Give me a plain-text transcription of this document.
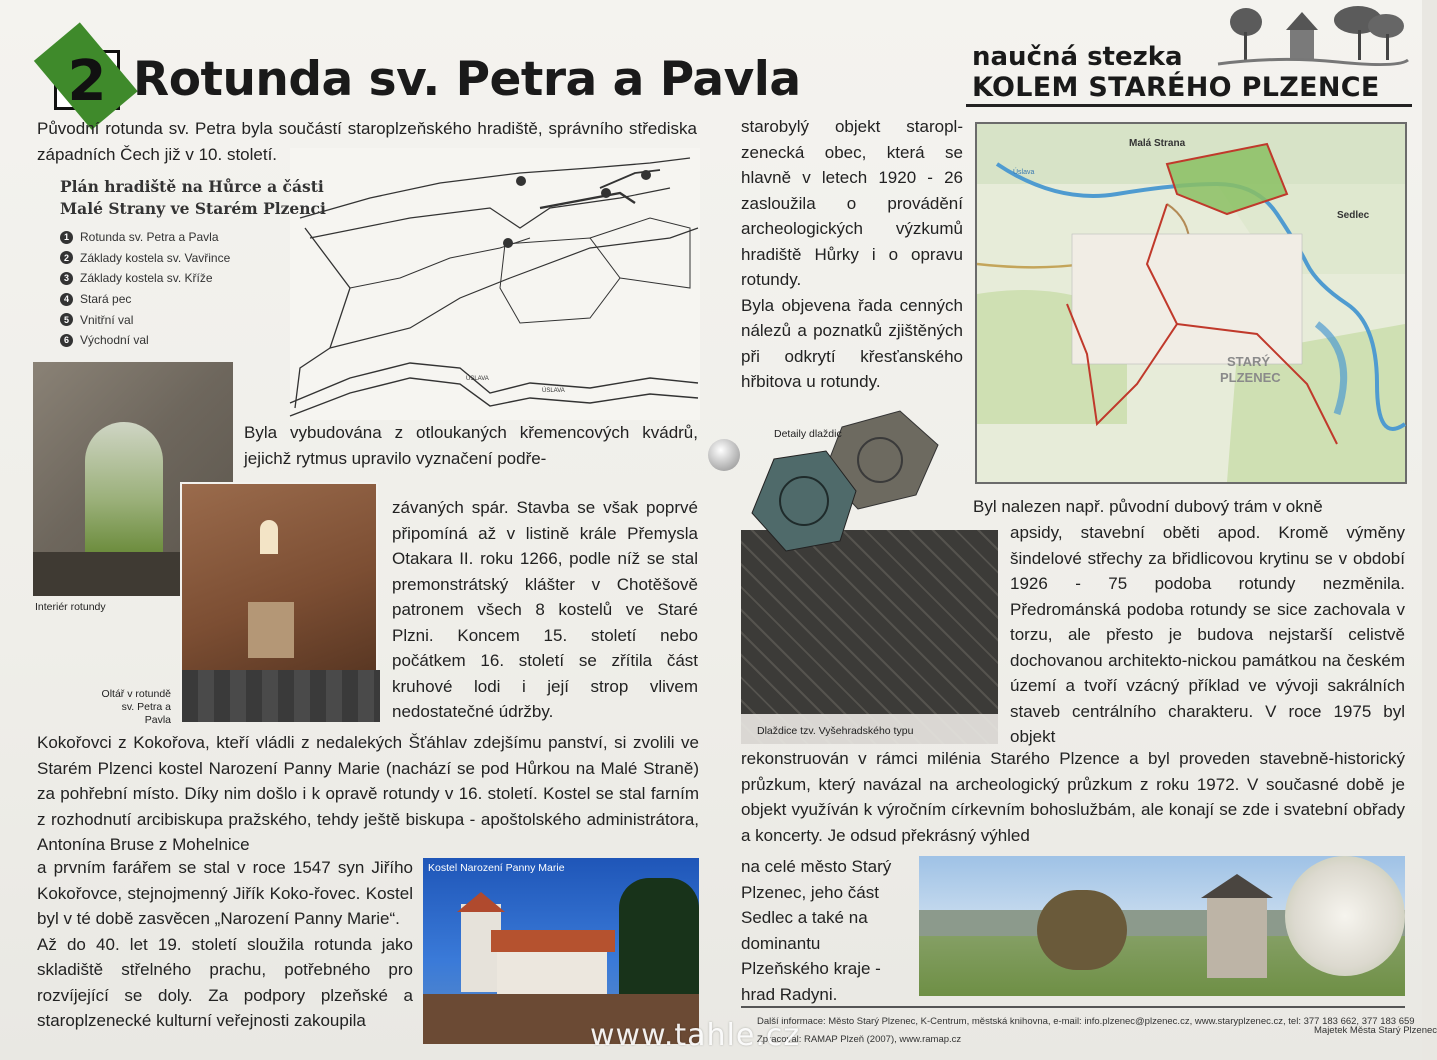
2 Rotunda sv. Petra a Pavla	naučná stezka
KOLEM STARÉHO PLZENCE
Původní rotunda sv. Petra byla součástí staroplzeňského hradiště, správního střediska západních Čech již v 10. století.
ÚSLAVA
ÚSLAVA
Plán hradiště na Hůrce a části
Malé Strany ve Starém Plzenci
1 Rotunda sv. Petra a Pavla
2 Základy kostela sv. Vavřince
3 Základy kostela sv. Kříže
4 Stará pec
5 Vnitřní val
6 Východní val
Interiér rotundy
Oltář v rotundě
sv. Petra a Pavla
Byla vybudována z otloukaných křemencových kvádrů, jejichž rytmus upravilo vyznačení podře-
závaných spár. Stavba se však poprvé připomíná až v listině krále Přemysla Otakara II. roku 1266, podle níž se stal premonstrátský klášter v Chotěšově patronem všech 8 kostelů ve Staré Plzni. Koncem 15. století nebo počátkem 16. století se zřítila část kruhové lodi i její strop vlivem nedostatečné údržby.
Kokořovci z Kokořova, kteří vládli z nedalekých Šťáhlav zdejšímu panství, si zvolili ve Starém Plzenci kostel Narození Panny Marie (nachází se pod Hůrkou na Malé Straně) za pohřební místo. Díky nim došlo i k opravě rotundy v 16. století. Kostel se stal farním z rozhodnutí arcibiskupa pražského, tehdy ještě biskupa - apoštolského administrátora, Antonína Bruse z Mohelnice

a prvním farářem se stal v roce 1547 syn Jiřího Kokořovce, stejnojmenný Jiřík Koko-řovec. Kostel byl v té době zasvěcen „Narození Panny Marie“.

Až do 40. let 19. století sloužila rotunda jako skladiště střelného prachu, potřebného pro rozvíjející se doly. Za podpory plzeňské a staroplzenecké kulturní veřejnosti zakoupila

Kostel Narození Panny Marie

starobylý objekt staropl-zenecká obec, která se hlavně v letech 1920 - 26 zasloužila o provádění archeologických výzkumů hradiště Hůrky i o opravu rotundy.

Byla objevena řada cenných nálezů a poznatků zjištěných při odkrytí křesťanského hřbitova u rotundy.

Malá Strana
Sedlec
STARÝ
PLZENEC
Úslava
Dlaždice tzv. Vyšehradského typu
Detaily dlaždic
Byl nalezen např. původní dubový trám v okně
apsidy, stavební oběti apod. Kromě výměny šindelové střechy za břidlicovou krytinu se v období 1926 - 75 podoba rotundy nezměnila. Předrománská podoba rotundy se sice zachovala v torzu, ale přesto je budova nejstarší celistvě dochovanou architekto-nickou památkou na českém území a tvoří vzácný příklad ve vývoji sakrálních staveb centrálního charakteru. V roce 1975 byl objekt
rekonstruován v rámci milénia Starého Plzence a byl proveden stavebně-historický průzkum, který navázal na archeologický průzkum z roku 1972. V současné době je objekt využíván k výročním církevním bohoslužbám, ale konají se zde i svatební obřady a koncerty. Je odsud překrásný výhled
na celé město Starý Plzenec, jeho část Sedlec a také na dominantu Plzeňského kraje - hrad Radyni.
Další informace: Město Starý Plzenec, K-Centrum, městská knihovna, e-mail: info.plzenec@plzenec.cz, www.staryplzenec.cz, tel: 377 183 662, 377 183 659
Zpracoval: RAMAP Plzeň (2007), www.ramap.cz
Majetek Města Starý Plzenec
www.tahle.cz
